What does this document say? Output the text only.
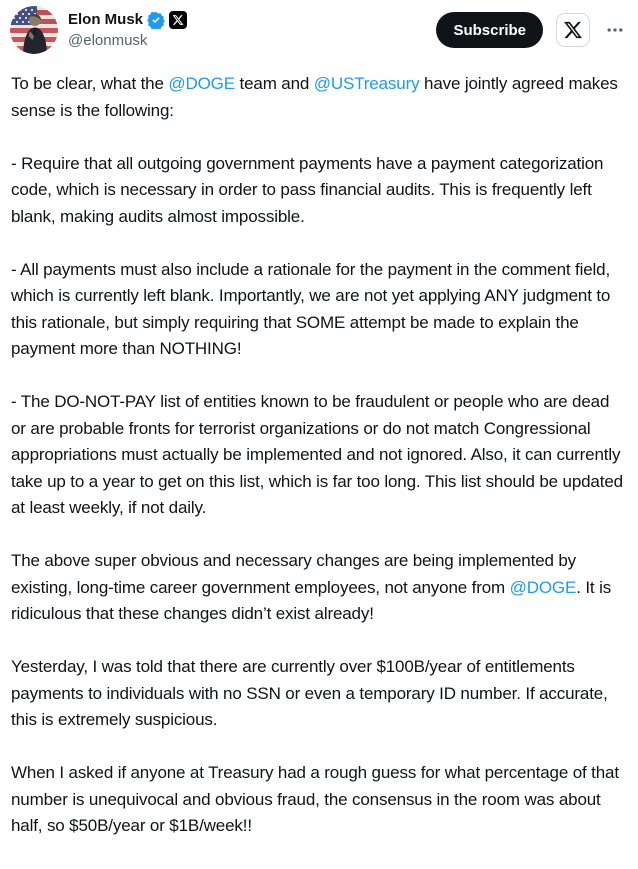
Elon Musk
@elonmusk
Subscribe

To be clear, what the @DOGE team and @USTreasury have jointly agreed makes sense is the following:

- Require that all outgoing government payments have a payment categorization code, which is necessary in order to pass financial audits. This is frequently left blank, making audits almost impossible.

- All payments must also include a rationale for the payment in the comment field, which is currently left blank. Importantly, we are not yet applying ANY judgment to this rationale, but simply requiring that SOME attempt be made to explain the payment more than NOTHING!

- The DO-NOT-PAY list of entities known to be fraudulent or people who are dead or are probable fronts for terrorist organizations or do not match Congressional appropriations must actually be implemented and not ignored. Also, it can currently take up to a year to get on this list, which is far too long. This list should be updated at least weekly, if not daily.

The above super obvious and necessary changes are being implemented by existing, long-time career government employees, not anyone from @DOGE. It is ridiculous that these changes didn’t exist already!

Yesterday, I was told that there are currently over $100B/year of entitlements payments to individuals with no SSN or even a temporary ID number. If accurate, this is extremely suspicious.

When I asked if anyone at Treasury had a rough guess for what percentage of that number is unequivocal and obvious fraud, the consensus in the room was about half, so $50B/year or $1B/week!!
